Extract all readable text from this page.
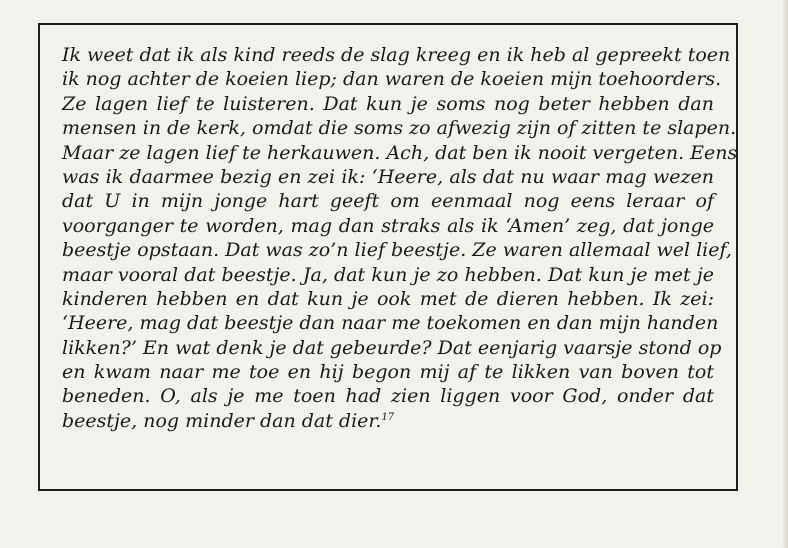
Ik weet dat ik als kind reeds de slag kreeg en ik heb al gepreekt toen
ik nog achter de koeien liep; dan waren de koeien mijn toehoorders.
Ze lagen lief te luisteren. Dat kun je soms nog beter hebben dan
mensen in de kerk, omdat die soms zo afwezig zijn of zitten te slapen.
Maar ze lagen lief te herkauwen. Ach, dat ben ik nooit vergeten. Eens
was ik daarmee bezig en zei ik: ‘Heere, als dat nu waar mag wezen
dat U in mijn jonge hart geeft om eenmaal nog eens leraar of
voorganger te worden, mag dan straks als ik ‘Amen’ zeg, dat jonge
beestje opstaan. Dat was zo’n lief beestje. Ze waren allemaal wel lief,
maar vooral dat beestje. Ja, dat kun je zo hebben. Dat kun je met je
kinderen hebben en dat kun je ook met de dieren hebben. Ik zei:
‘Heere, mag dat beestje dan naar me toekomen en dan mijn handen
likken?’ En wat denk je dat gebeurde? Dat eenjarig vaarsje stond op
en kwam naar me toe en hij begon mij af te likken van boven tot
beneden. O, als je me toen had zien liggen voor God, onder dat
beestje, nog minder dan dat dier.$^{17}$
